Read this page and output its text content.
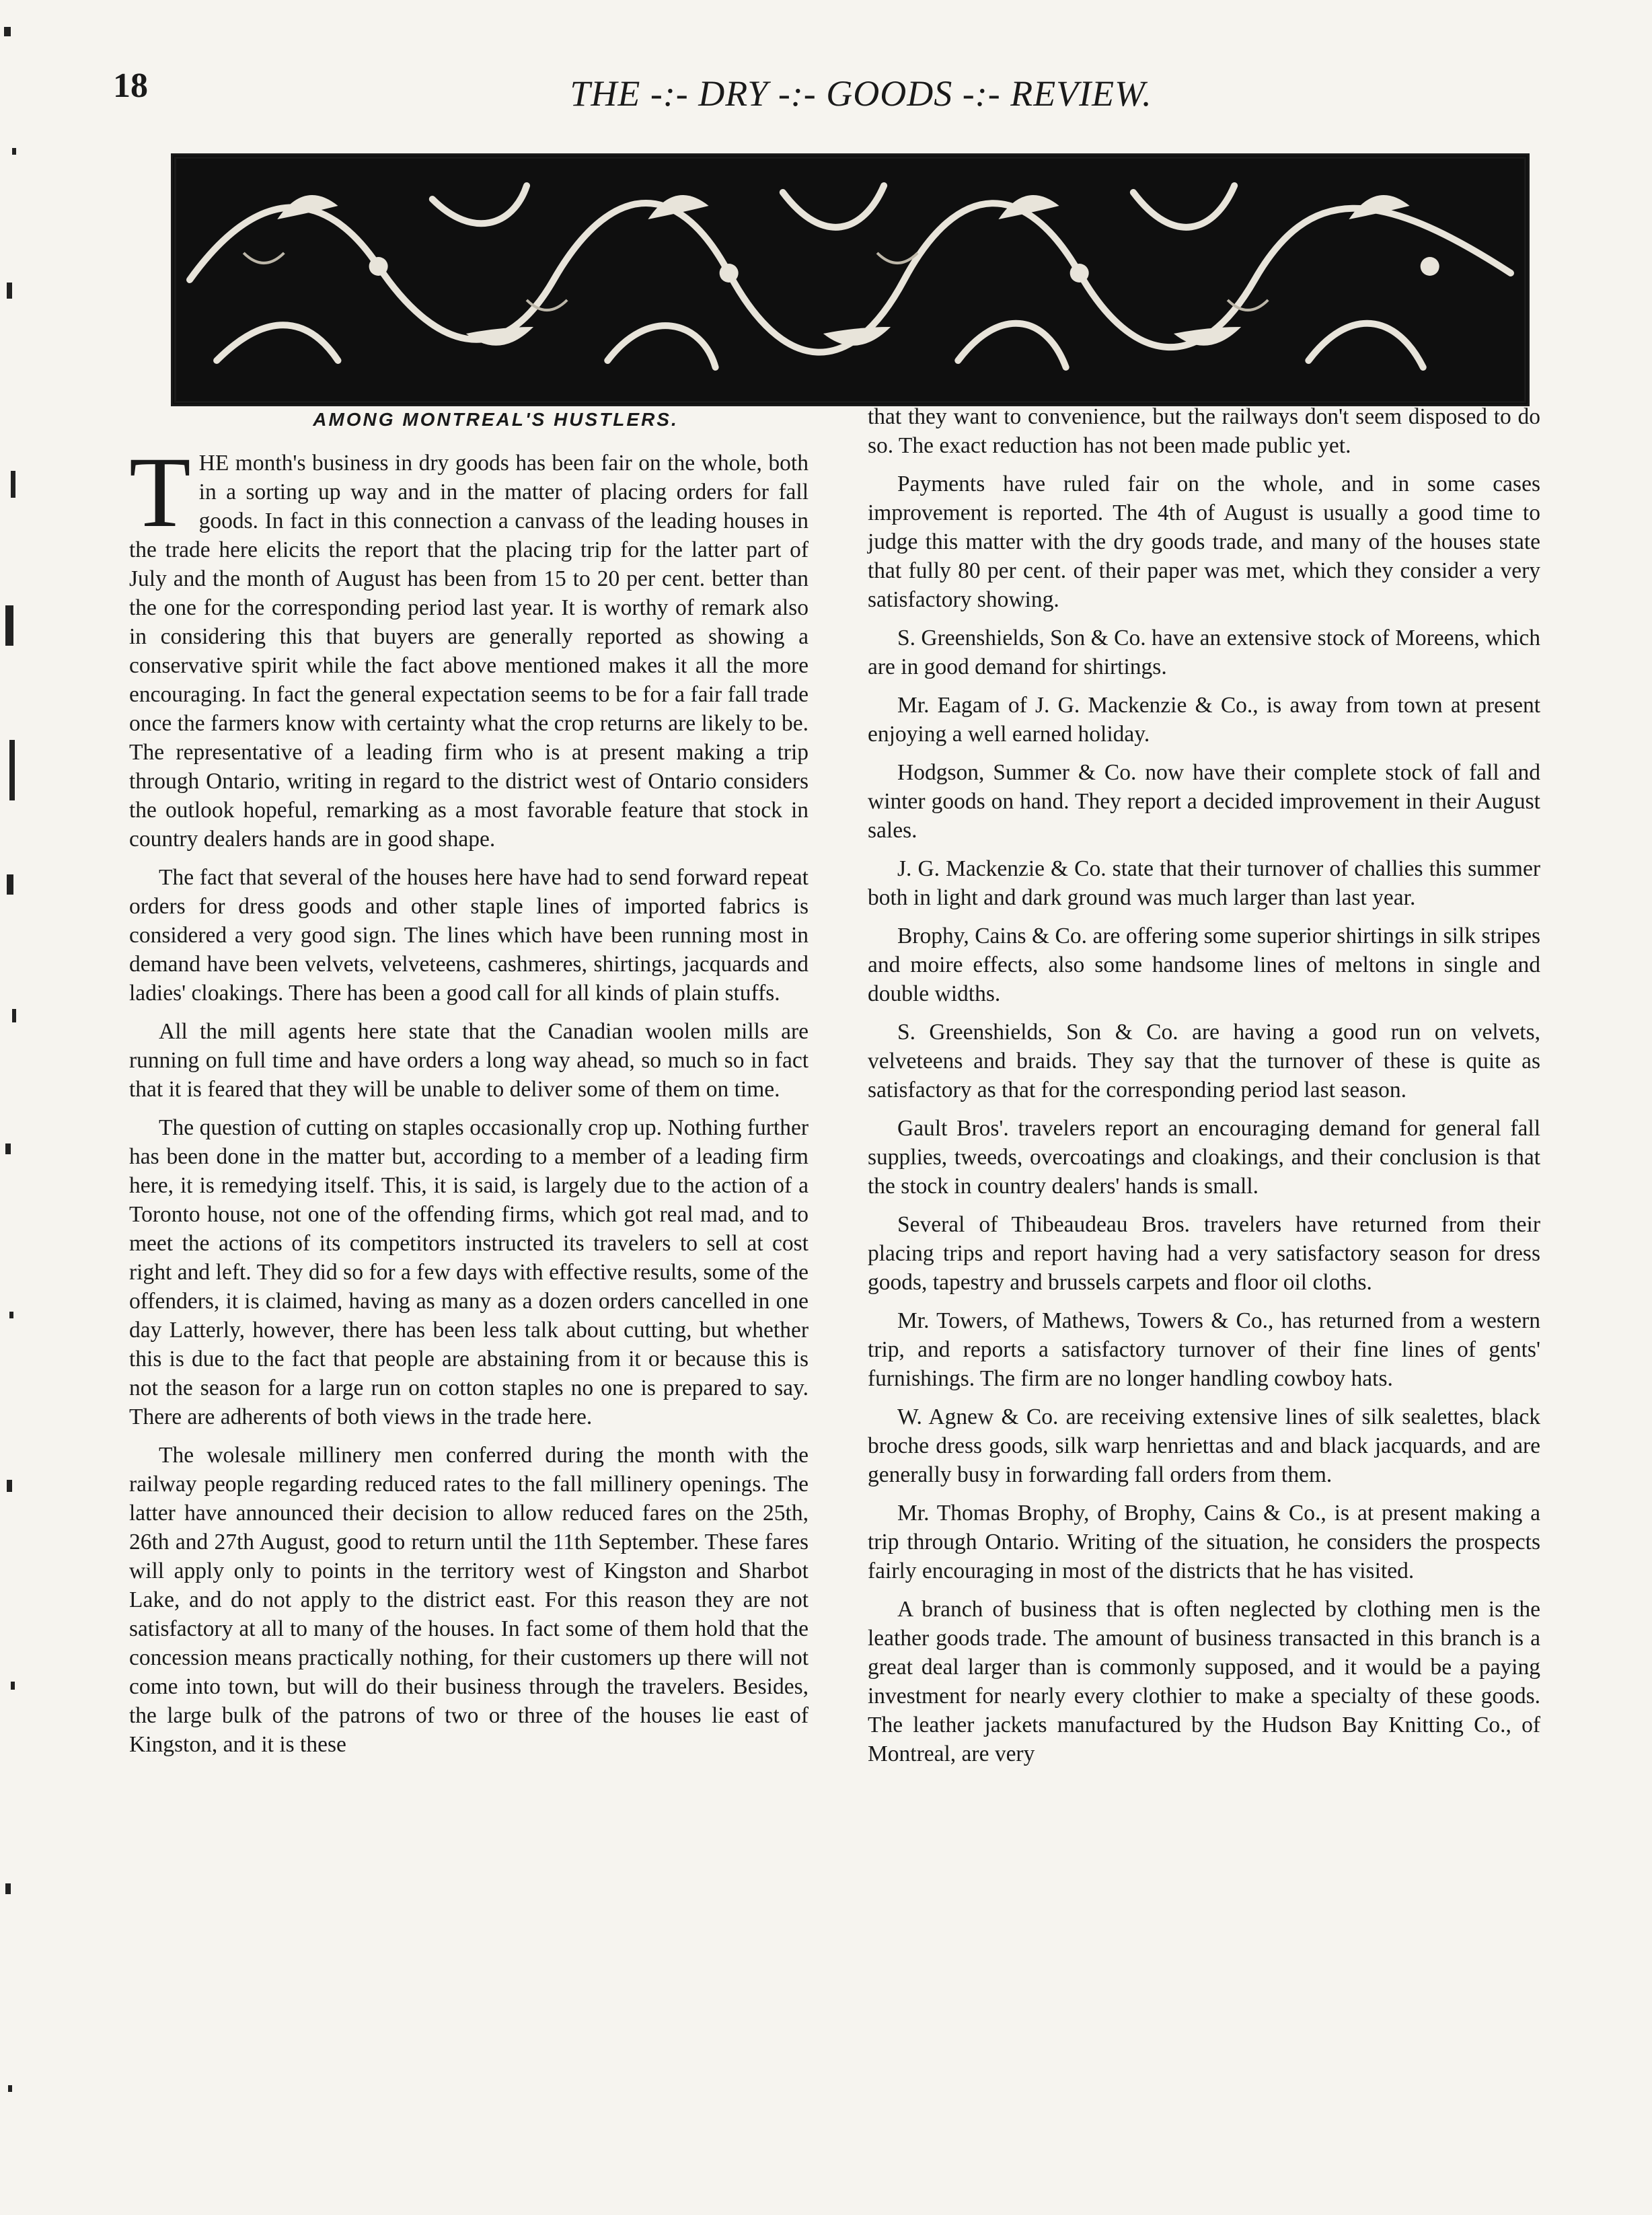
18	THE -:- DRY -:- GOODS -:- REVIEW.
AMONG MONTREAL'S HUSTLERS.

THE month's business in dry goods has been fair on the whole, both in a sorting up way and in the matter of placing orders for fall goods. In fact in this connection a canvass of the leading houses in the trade here elicits the report that the placing trip for the latter part of July and the month of August has been from 15 to 20 per cent. better than the one for the corresponding period last year. It is worthy of remark also in considering this that buyers are generally reported as showing a conservative spirit while the fact above mentioned makes it all the more encouraging. In fact the general expectation seems to be for a fair fall trade once the farmers know with certainty what the crop returns are likely to be. The representative of a leading firm who is at present making a trip through Ontario, writing in regard to the district west of Ontario considers the outlook hopeful, remarking as a most favorable feature that stock in country dealers hands are in good shape.

The fact that several of the houses here have had to send forward repeat orders for dress goods and other staple lines of imported fabrics is considered a very good sign. The lines which have been running most in demand have been velvets, velveteens, cashmeres, shirtings, jacquards and ladies' cloakings. There has been a good call for all kinds of plain stuffs.

All the mill agents here state that the Canadian woolen mills are running on full time and have orders a long way ahead, so much so in fact that it is feared that they will be unable to deliver some of them on time.

The question of cutting on staples occasionally crop up. Nothing further has been done in the matter but, according to a member of a leading firm here, it is remedying itself. This, it is said, is largely due to the action of a Toronto house, not one of the offending firms, which got real mad, and to meet the actions of its competitors instructed its travelers to sell at cost right and left. They did so for a few days with effective results, some of the offenders, it is claimed, having as many as a dozen orders cancelled in one day Latterly, however, there has been less talk about cutting, but whether this is due to the fact that people are abstaining from it or because this is not the season for a large run on cotton staples no one is prepared to say. There are adherents of both views in the trade here.

The wolesale millinery men conferred during the month with the railway people regarding reduced rates to the fall millinery openings. The latter have announced their decision to allow reduced fares on the 25th, 26th and 27th August, good to return until the 11th September. These fares will apply only to points in the territory west of Kingston and Sharbot Lake, and do not apply to the district east. For this reason they are not satisfactory at all to many of the houses. In fact some of them hold that the concession means practically nothing, for their customers up there will not come into town, but will do their business through the travelers. Besides, the large bulk of the patrons of two or three of the houses lie east of Kingston, and it is these

that they want to convenience, but the railways don't seem disposed to do so. The exact reduction has not been made public yet.

Payments have ruled fair on the whole, and in some cases improvement is reported. The 4th of August is usually a good time to judge this matter with the dry goods trade, and many of the houses state that fully 80 per cent. of their paper was met, which they consider a very satisfactory showing.

S. Greenshields, Son & Co. have an extensive stock of Moreens, which are in good demand for shirtings.

Mr. Eagam of J. G. Mackenzie & Co., is away from town at present enjoying a well earned holiday.

Hodgson, Summer & Co. now have their complete stock of fall and winter goods on hand. They report a decided improvement in their August sales.

J. G. Mackenzie & Co. state that their turnover of challies this summer both in light and dark ground was much larger than last year.

Brophy, Cains & Co. are offering some superior shirtings in silk stripes and moire effects, also some handsome lines of meltons in single and double widths.

S. Greenshields, Son & Co. are having a good run on velvets, velveteens and braids. They say that the turnover of these is quite as satisfactory as that for the corresponding period last season.

Gault Bros'. travelers report an encouraging demand for general fall supplies, tweeds, overcoatings and cloakings, and their conclusion is that the stock in country dealers' hands is small.

Several of Thibeaudeau Bros. travelers have returned from their placing trips and report having had a very satisfactory season for dress goods, tapestry and brussels carpets and floor oil cloths.

Mr. Towers, of Mathews, Towers & Co., has returned from a western trip, and reports a satisfactory turnover of their fine lines of gents' furnishings. The firm are no longer handling cowboy hats.

W. Agnew & Co. are receiving extensive lines of silk sealettes, black broche dress goods, silk warp henriettas and and black jacquards, and are generally busy in forwarding fall orders from them.

Mr. Thomas Brophy, of Brophy, Cains & Co., is at present making a trip through Ontario. Writing of the situation, he considers the prospects fairly encouraging in most of the districts that he has visited.

A branch of business that is often neglected by clothing men is the leather goods trade. The amount of business transacted in this branch is a great deal larger than is commonly supposed, and it would be a paying investment for nearly every clothier to make a specialty of these goods. The leather jackets manufactured by the Hudson Bay Knitting Co., of Montreal, are very
